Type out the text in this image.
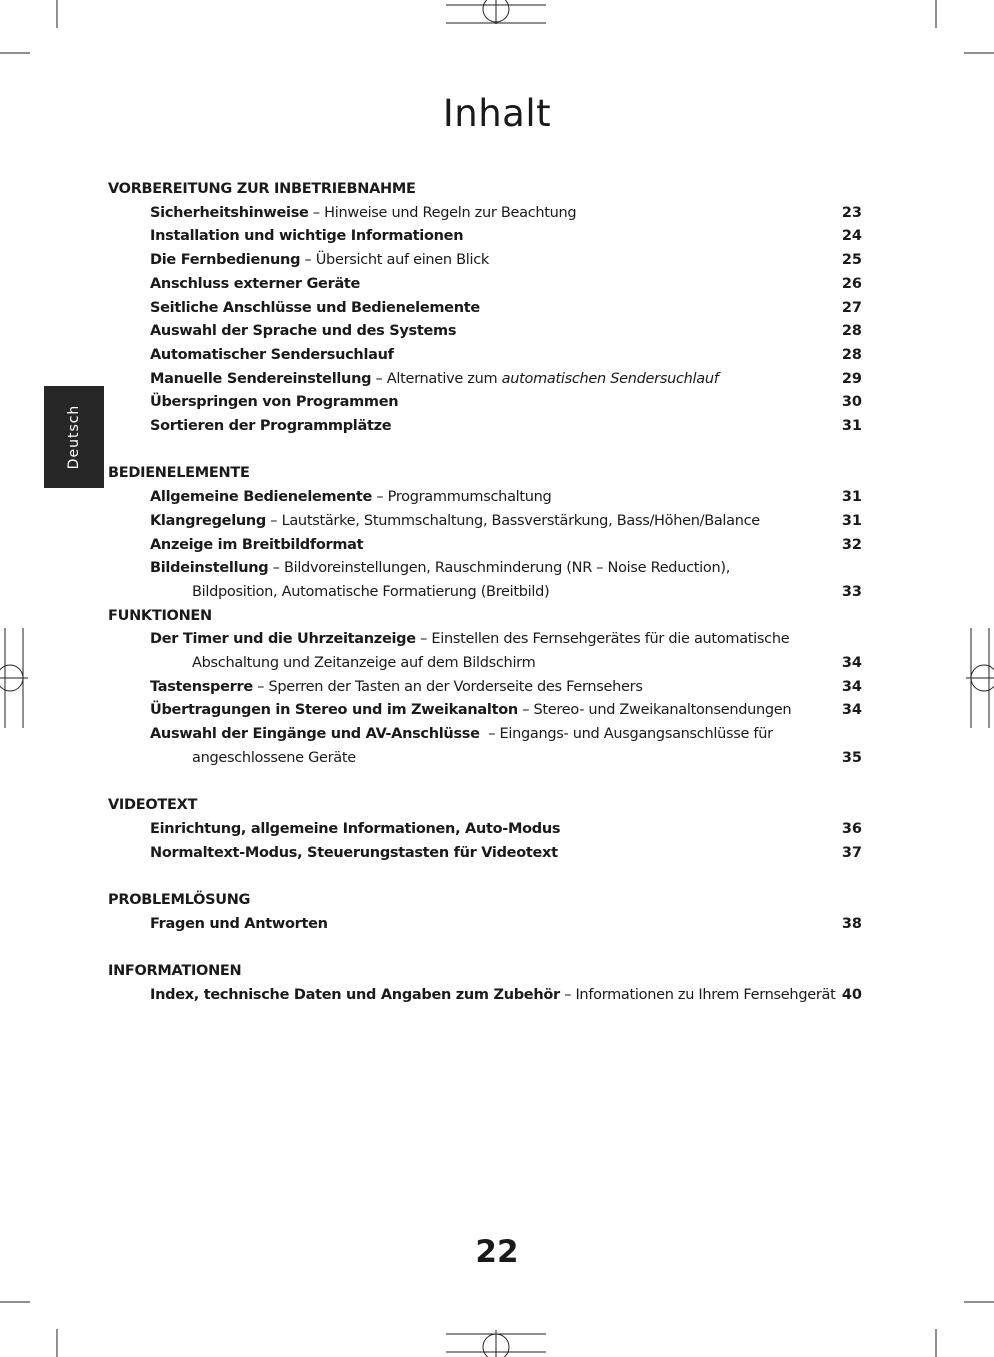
Inhalt
Deutsch
VORBEREITUNG ZUR INBETRIEBNAHME
Sicherheitshinweise – Hinweise und Regeln zur Beachtung	23
Installation und wichtige Informationen	24
Die Fernbedienung – Übersicht auf einen Blick	25
Anschluss externer Geräte	26
Seitliche Anschlüsse und Bedienelemente	27
Auswahl der Sprache und des Systems	28
Automatischer Sendersuchlauf	28
Manuelle Sendereinstellung – Alternative zum automatischen Sendersuchlauf	29
Überspringen von Programmen	30
Sortieren der Programmplätze	31
BEDIENELEMENTE
Allgemeine Bedienelemente – Programmumschaltung	31
Klangregelung – Lautstärke, Stummschaltung, Bassverstärkung, Bass/Höhen/Balance	31
Anzeige im Breitbildformat	32
Bildeinstellung – Bildvoreinstellungen, Rauschminderung (NR – Noise Reduction),
Bildposition, Automatische Formatierung (Breitbild)	33
FUNKTIONEN
Der Timer und die Uhrzeitanzeige – Einstellen des Fernsehgerätes für die automatische
Abschaltung und Zeitanzeige auf dem Bildschirm	34
Tastensperre – Sperren der Tasten an der Vorderseite des Fernsehers	34
Übertragungen in Stereo und im Zweikanalton – Stereo- und Zweikanaltonsendungen	34
Auswahl der Eingänge und AV-Anschlüsse  – Eingangs- und Ausgangsanschlüsse für
angeschlossene Geräte	35
VIDEOTEXT
Einrichtung, allgemeine Informationen, Auto-Modus	36
Normaltext-Modus, Steuerungstasten für Videotext	37
PROBLEMLÖSUNG
Fragen und Antworten	38
INFORMATIONEN
Index, technische Daten und Angaben zum Zubehör – Informationen zu Ihrem Fernsehgerät 40
22
